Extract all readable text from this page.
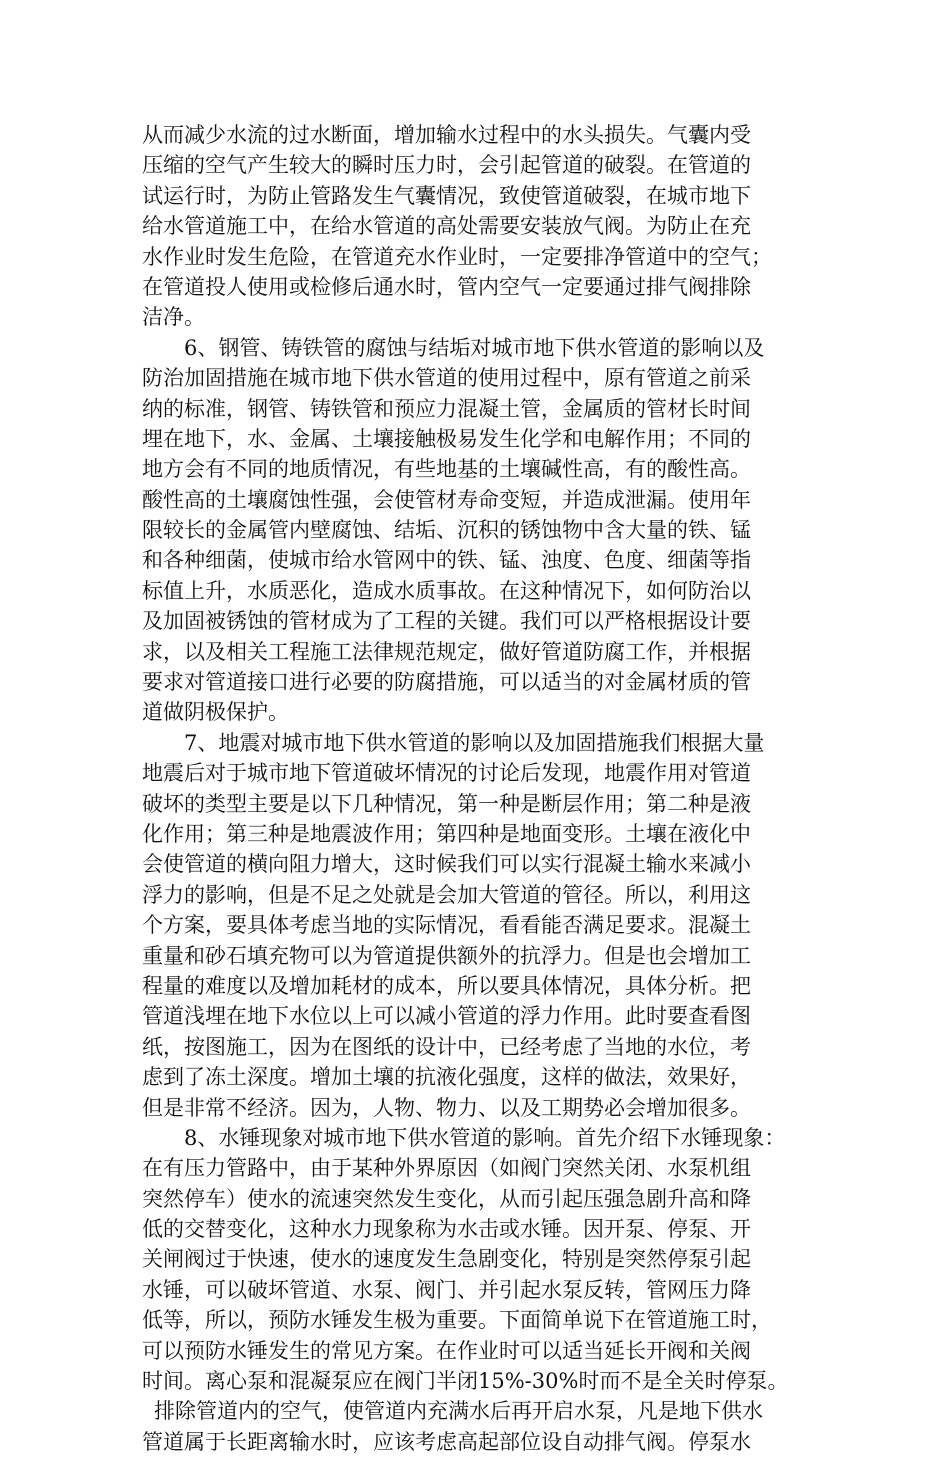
从而减少水流的过水断面，增加输水过程中的水头损失。气囊内受
压缩的空气产生较大的瞬时压力时，会引起管道的破裂。在管道的
试运行时，为防止管路发生气囊情况，致使管道破裂，在城市地下
给水管道施工中，在给水管道的高处需要安装放气阀。为防止在充
水作业时发生危险，在管道充水作业时，一定要排净管道中的空气；
在管道投人使用或检修后通水时，管内空气一定要通过排气阀排除
洁净。
6、钢管、铸铁管的腐蚀与结垢对城市地下供水管道的影响以及
防治加固措施在城市地下供水管道的使用过程中，原有管道之前采
纳的标准，钢管、铸铁管和预应力混凝土管，金属质的管材长时间
埋在地下，水、金属、土壤接触极易发生化学和电解作用；不同的
地方会有不同的地质情况，有些地基的土壤碱性高，有的酸性高。
酸性高的土壤腐蚀性强，会使管材寿命变短，并造成泄漏。使用年
限较长的金属管内壁腐蚀、结垢、沉积的锈蚀物中含大量的铁、锰
和各种细菌，使城市给水管网中的铁、锰、浊度、色度、细菌等指
标值上升，水质恶化，造成水质事故。在这种情况下，如何防治以
及加固被锈蚀的管材成为了工程的关键。我们可以严格根据设计要
求，以及相关工程施工法律规范规定，做好管道防腐工作，并根据
要求对管道接口进行必要的防腐措施，可以适当的对金属材质的管
道做阴极保护。
7、地震对城市地下供水管道的影响以及加固措施我们根据大量
地震后对于城市地下管道破坏情况的讨论后发现，地震作用对管道
破坏的类型主要是以下几种情况，第一种是断层作用；第二种是液
化作用；第三种是地震波作用；第四种是地面变形。土壤在液化中
会使管道的横向阻力增大，这时候我们可以实行混凝土输水来减小
浮力的影响，但是不足之处就是会加大管道的管径。所以，利用这
个方案，要具体考虑当地的实际情况，看看能否满足要求。混凝土
重量和砂石填充物可以为管道提供额外的抗浮力。但是也会增加工
程量的难度以及增加耗材的成本，所以要具体情况，具体分析。把
管道浅埋在地下水位以上可以减小管道的浮力作用。此时要查看图
纸，按图施工，因为在图纸的设计中，已经考虑了当地的水位，考
虑到了冻土深度。增加土壤的抗液化强度，这样的做法，效果好，
但是非常不经济。因为，人物、物力、以及工期势必会增加很多。
8、水锤现象对城市地下供水管道的影响。首先介绍下水锤现象：
在有压力管路中，由于某种外界原因（如阀门突然关闭、水泵机组
突然停车）使水的流速突然发生变化，从而引起压强急剧升高和降
低的交替变化，这种水力现象称为水击或水锤。因开泵、停泵、开
关闸阀过于快速，使水的速度发生急剧变化，特别是突然停泵引起
水锤，可以破坏管道、水泵、阀门、并引起水泵反转，管网压力降
低等，所以，预防水锤发生极为重要。下面简单说下在管道施工时，
可以预防水锤发生的常见方案。在作业时可以适当延长开阀和关阀
时间。离心泵和混凝泵应在阀门半闭15%-30%时而不是全关时停泵。
排除管道内的空气，使管道内充满水后再开启水泵，凡是地下供水
管道属于长距离输水时，应该考虑高起部位设自动排气阀。停泵水
